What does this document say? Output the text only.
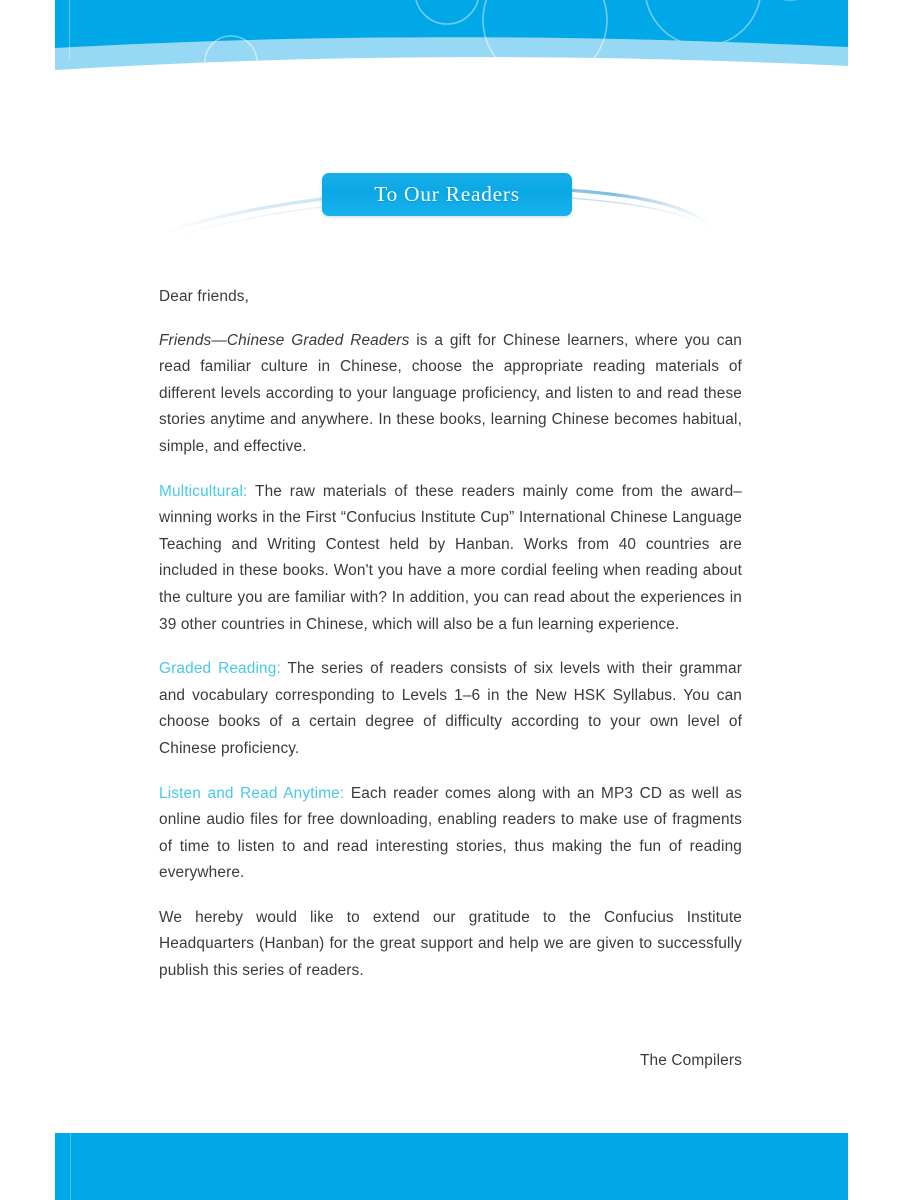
To Our Readers

Dear friends,

Friends—Chinese Graded Readers is a gift for Chinese learners, where you can read familiar culture in Chinese, choose the appropriate reading materials of different levels according to your language proficiency, and listen to and read these stories anytime and anywhere. In these books, learning Chinese becomes habitual, simple, and effective.

Multicultural: The raw materials of these readers mainly come from the award–winning works in the First “Confucius Institute Cup” International Chinese Language Teaching and Writing Contest held by Hanban. Works from 40 countries are included in these books. Won't you have a more cordial feeling when reading about the culture you are familiar with? In addition, you can read about the experiences in 39 other countries in Chinese, which will also be a fun learning experience.

Graded Reading: The series of readers consists of six levels with their grammar and vocabulary corresponding to Levels 1–6 in the New HSK Syllabus. You can choose books of a certain degree of difficulty according to your own level of Chinese proficiency.

Listen and Read Anytime: Each reader comes along with an MP3 CD as well as online audio files for free downloading, enabling readers to make use of fragments of time to listen to and read interesting stories, thus making the fun of reading everywhere.

We hereby would like to extend our gratitude to the Confucius Institute Headquarters (Hanban) for the great support and help we are given to successfully publish this series of readers.

The Compilers
